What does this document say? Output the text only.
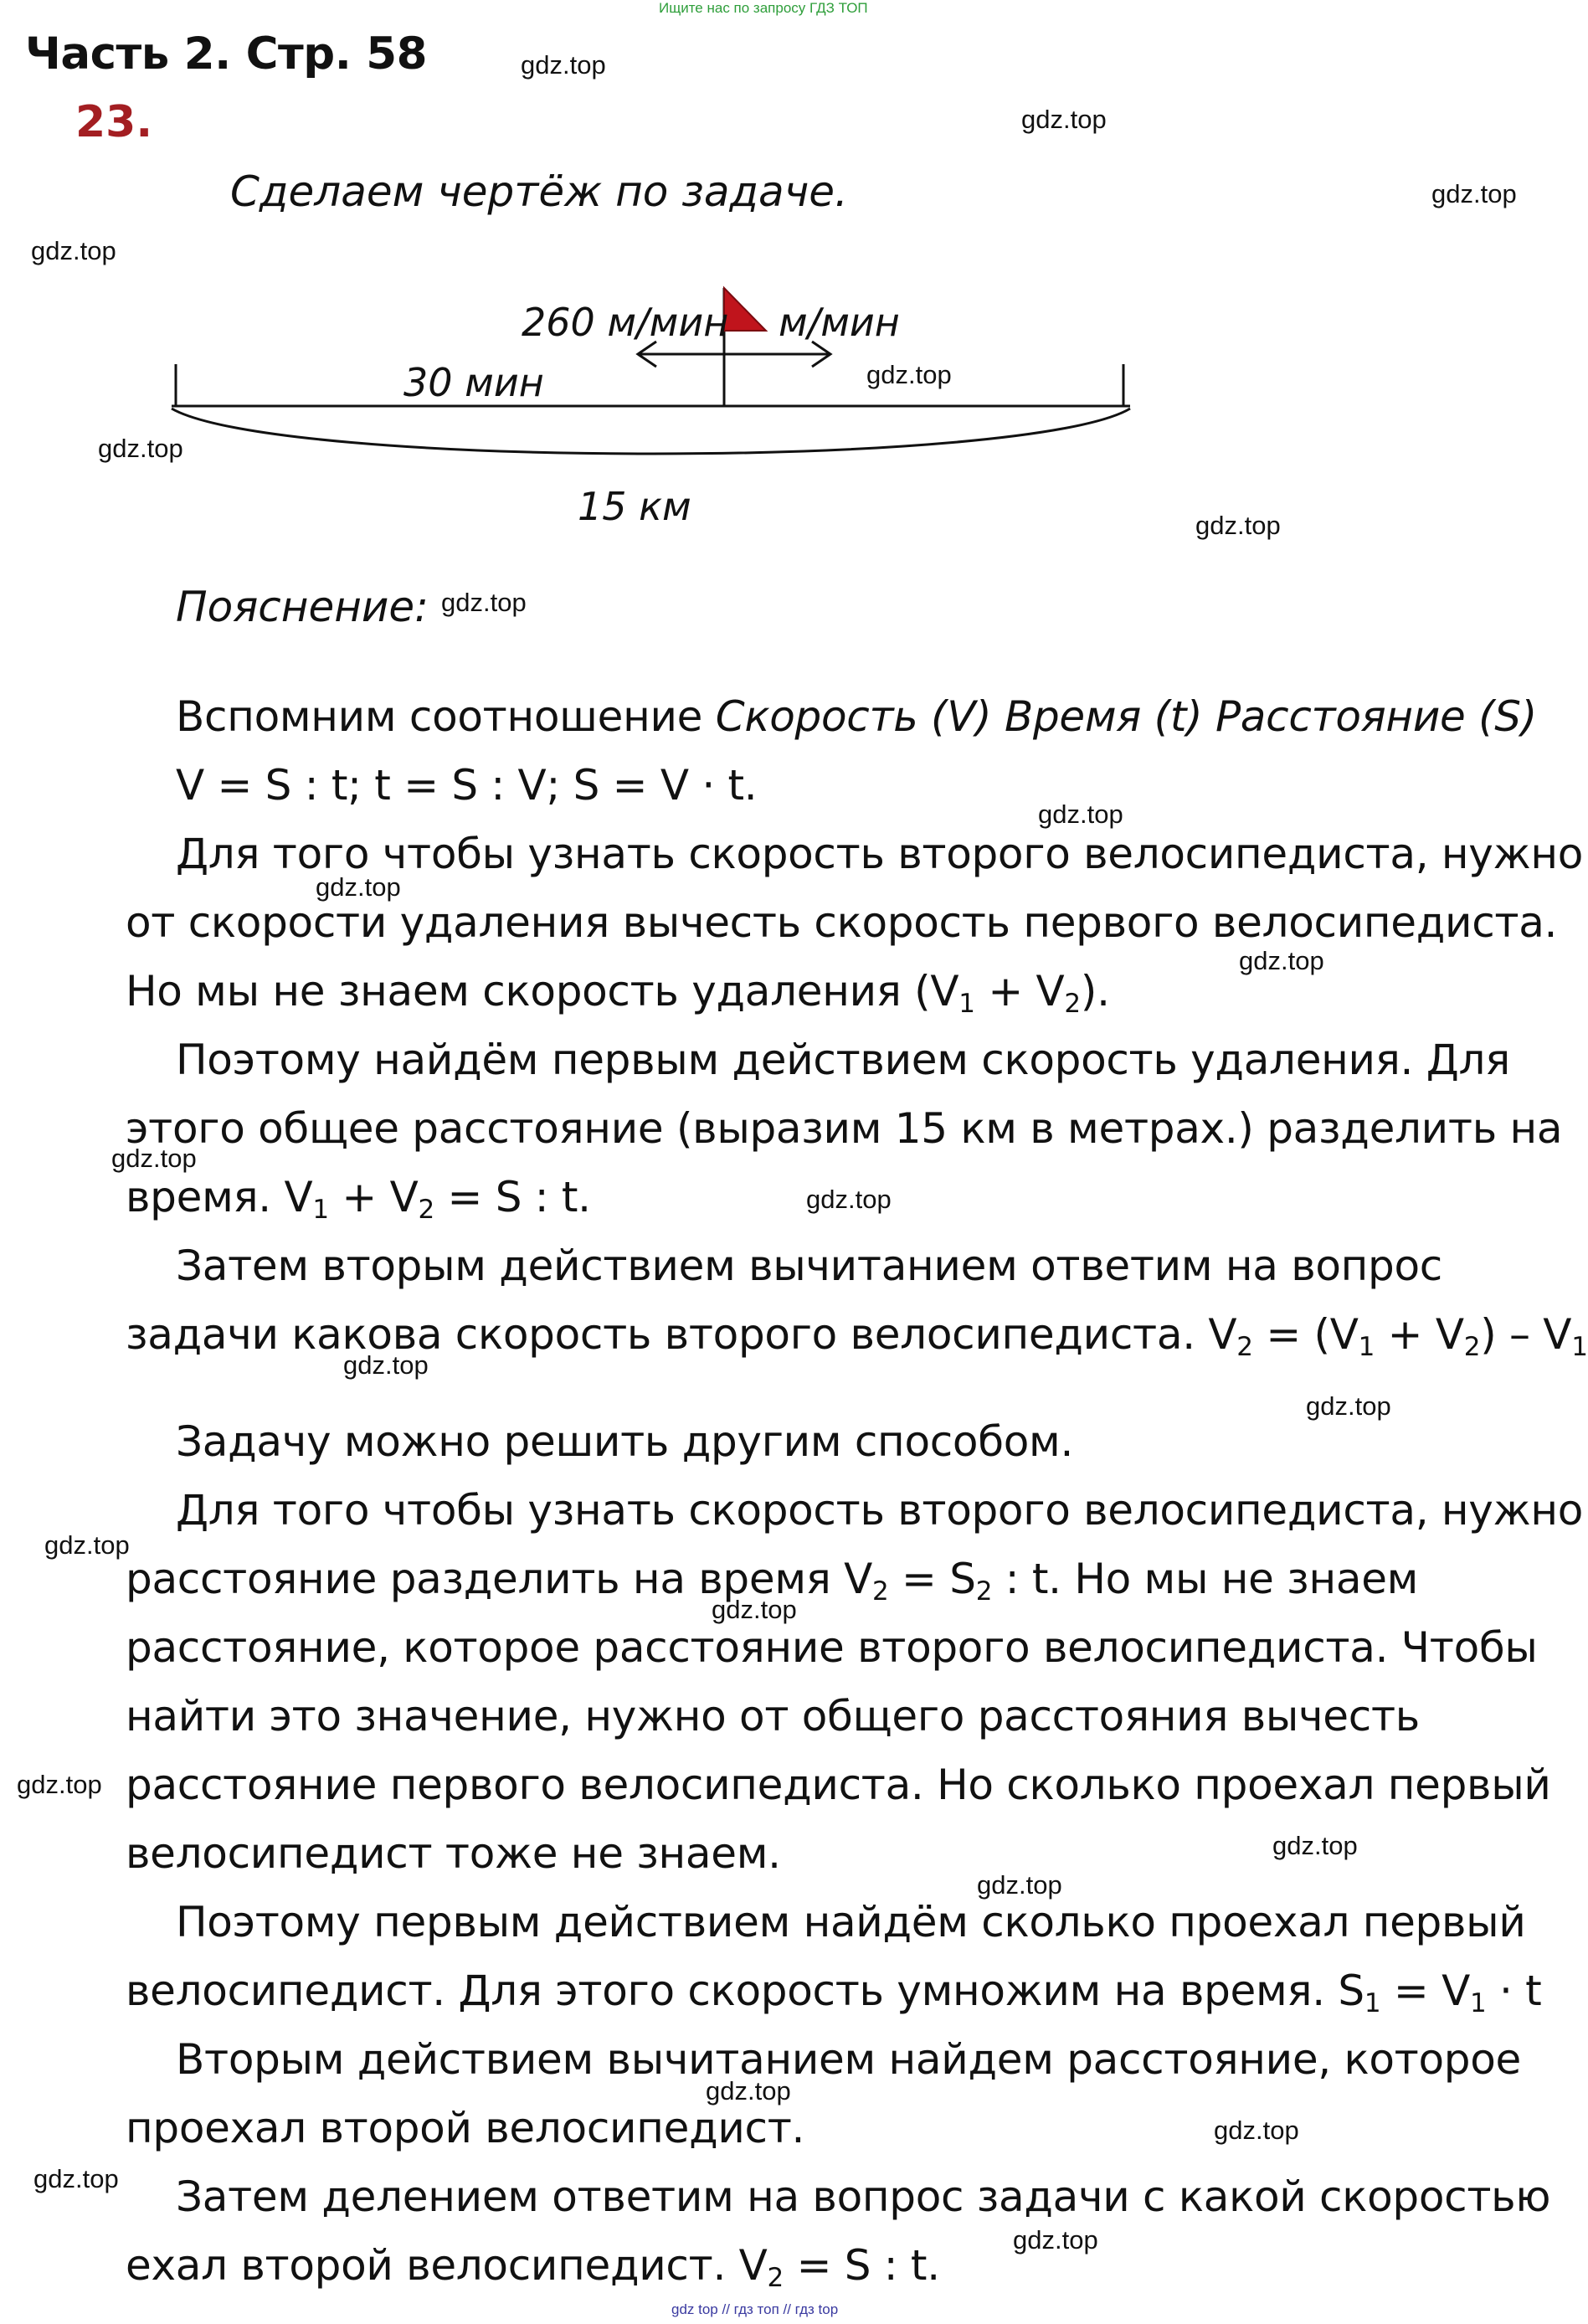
Ищите нас по запросу ГДЗ ТОП
Часть 2. Стр. 58
23.
Сделаем чертёж по задаче.
260 м/мин м/мин
30 мин
15 км
Пояснение:
Вспомним соотношение Скорость (V) Время (t) Расстояние (S)
V = S : t; t = S : V; S = V · t.
Для того чтобы узнать скорость второго велосипедиста, нужно
от скорости удаления вычесть скорость первого велосипедиста.
Но мы не знаем скорость удаления $(V_1 + V_2)$.
Поэтому найдём первым действием скорость удаления. Для
этого общее расстояние (выразим 15 км в метрах.) разделить на
время. $V_1 + V_2 = S$ : t.
Затем вторым действием вычитанием ответим на вопрос
задачи какова скорость второго велосипедиста. $V_2 = (V_1 + V_2) - V_1$
Задачу можно решить другим способом.
Для того чтобы узнать скорость второго велосипедиста, нужно
расстояние разделить на время $V_2 = S_2$ : t. Но мы не знаем
расстояние, которое расстояние второго велосипедиста. Чтобы
найти это значение, нужно от общего расстояния вычесть
расстояние первого велосипедиста. Но сколько проехал первый
велосипедист тоже не знаем.
Поэтому первым действием найдём сколько проехал первый
велосипедист. Для этого скорость умножим на время. $S_1 = V_1 \cdot t$
Вторым действием вычитанием найдем расстояние, которое
проехал второй велосипедист.
Затем делением ответим на вопрос задачи с какой скоростью
ехал второй велосипедист. $V_2 = S$ : t.
gdz.top
gdz.top
gdz.top
gdz.top
gdz.top
gdz.top
gdz.top
gdz.top
gdz.top
gdz.top
gdz.top
gdz.top
gdz.top
gdz.top
gdz.top
gdz.top
gdz.top
gdz.top
gdz.top
gdz.top
gdz.top
gdz.top
gdz.top
gdz.top
gdz top // гдз топ // гдз top
